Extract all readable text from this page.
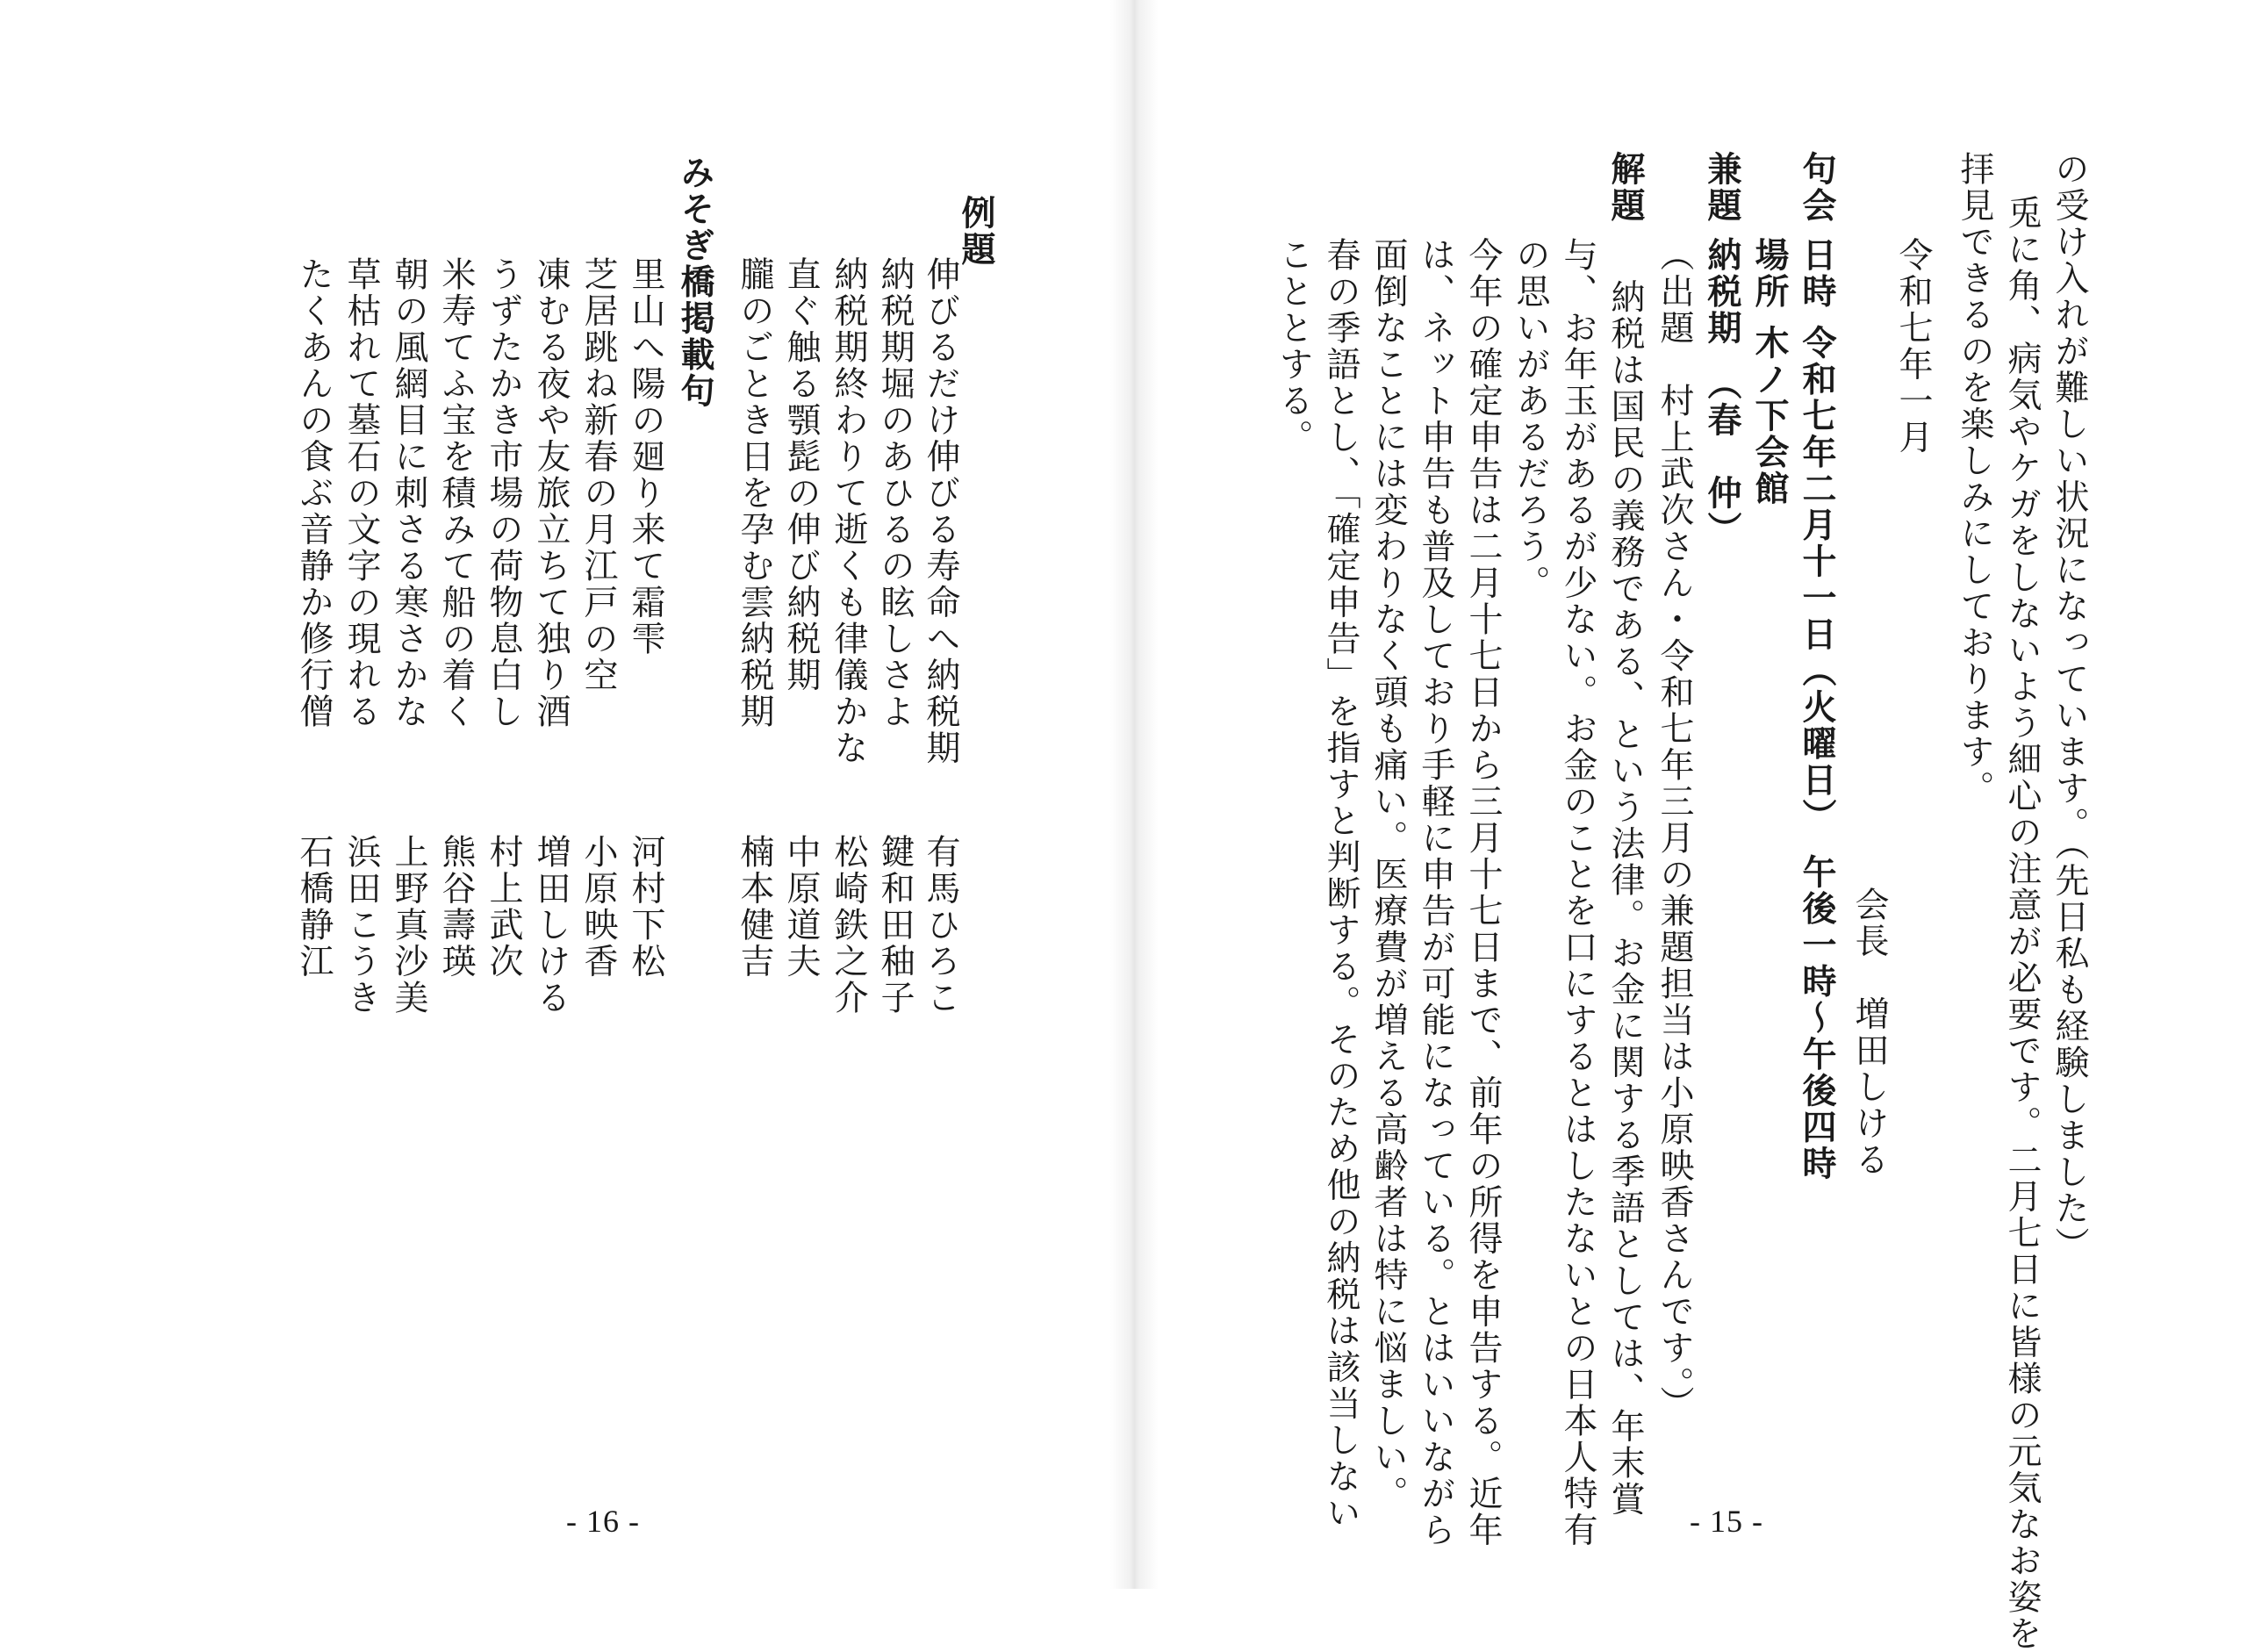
例題
伸びるだけ伸びる寿命へ納税期
有馬ひろこ
納税期堀のあひるの眩しさよ
鍵和田秞子
納税期終わりて逝くも律儀かな
松崎鉄之介
直ぐ触る顎髭の伸び納税期
中原道夫
朧のごとき日を孕む雲納税期
楠本健吉
みそぎ橋掲載句
里山へ陽の廻り来て霜雫
河村下松
芝居跳ね新春の月江戸の空
小原映香
凍むる夜や友旅立ちて独り酒
増田しける
うずたかき市場の荷物息白し
村上武次
米寿てふ宝を積みて船の着く
熊谷壽瑛
朝の風網目に刺さる寒さかな
上野真沙美
草枯れて墓石の文字の現れる
浜田こうき
たくあんの食ぶ音静か修行僧
石橋静江
- 16 -
の受け入れが難しい状況になっています。（先日私も経験しました）
兎に角、病気やケガをしないよう細心の注意が必要です。二月七日に皆様の元気なお姿を
拝見できるのを楽しみにしております。
令和七年一月
会長　増田しける
句会
日時
令和七年二月十一日（火曜日）　午後一時〜午後四時
場所
木ノ下会館
兼題
納税期　（春　仲）
（出題　村上武次さん・令和七年三月の兼題担当は小原映香さんです。）
解題
納税は国民の義務である、という法律。お金に関する季語としては、年末賞
与、お年玉があるが少ない。お金のことを口にするとはしたないとの日本人特有
の思いがあるだろう。
今年の確定申告は二月十七日から三月十七日まで、前年の所得を申告する。近年
は、ネット申告も普及しており手軽に申告が可能になっている。とはいいながら
面倒なことには変わりなく頭も痛い。医療費が増える高齢者は特に悩ましい。
春の季語とし、「確定申告」を指すと判断する。そのため他の納税は該当しない
こととする。
- 15 -
